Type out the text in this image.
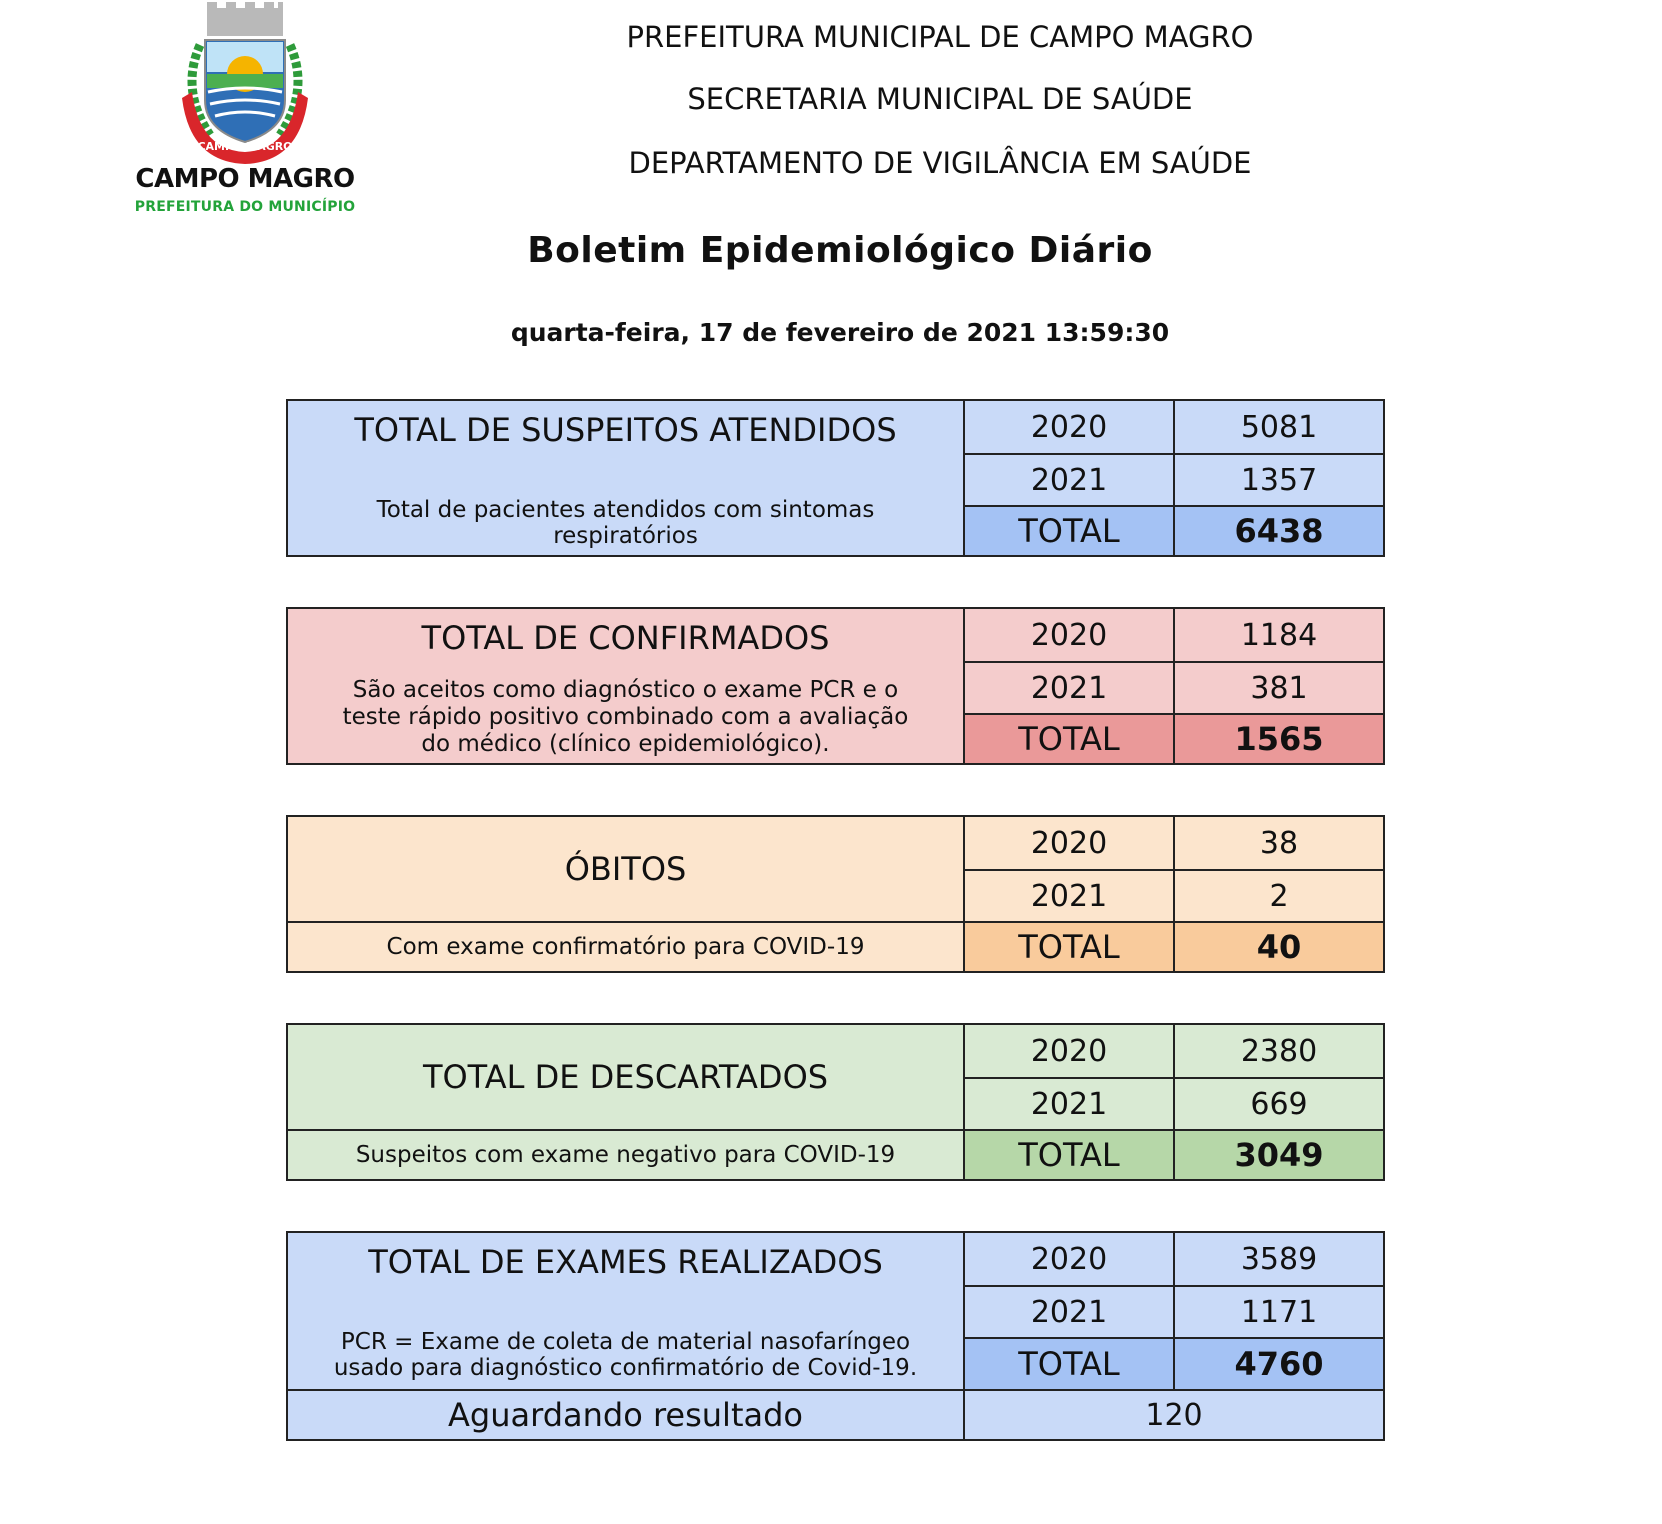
CAMPO MAGRO
CAMPO MAGRO
PREFEITURA DO MUNICÍPIO
PREFEITURA MUNICIPAL DE CAMPO MAGRO
SECRETARIA MUNICIPAL DE SAÚDE
DEPARTAMENTO DE VIGILÂNCIA EM SAÚDE
Boletim Epidemiológico Diário
quarta-feira, 17 de fevereiro de 2021 13:59:30
TOTAL DE SUSPEITOS ATENDIDOS
Total de pacientes atendidos com sintomas
respiratórios
2020	5081
2021	1357
TOTAL	6438
TOTAL DE CONFIRMADOS
São aceitos como diagnóstico o exame PCR e o
teste rápido positivo combinado com a avaliação
do médico (clínico epidemiológico).
2020	1184
2021	381
TOTAL	1565
ÓBITOS
Com exame confirmatório para COVID-19
2020	38
2021	2
TOTAL	40
TOTAL DE DESCARTADOS
Suspeitos com exame negativo para COVID-19
2020	2380
2021	669
TOTAL	3049
TOTAL DE EXAMES REALIZADOS
PCR = Exame de coleta de material nasofaríngeo
usado para diagnóstico confirmatório de Covid-19.
2020	3589
2021	1171
TOTAL	4760
Aguardando resultado	120
